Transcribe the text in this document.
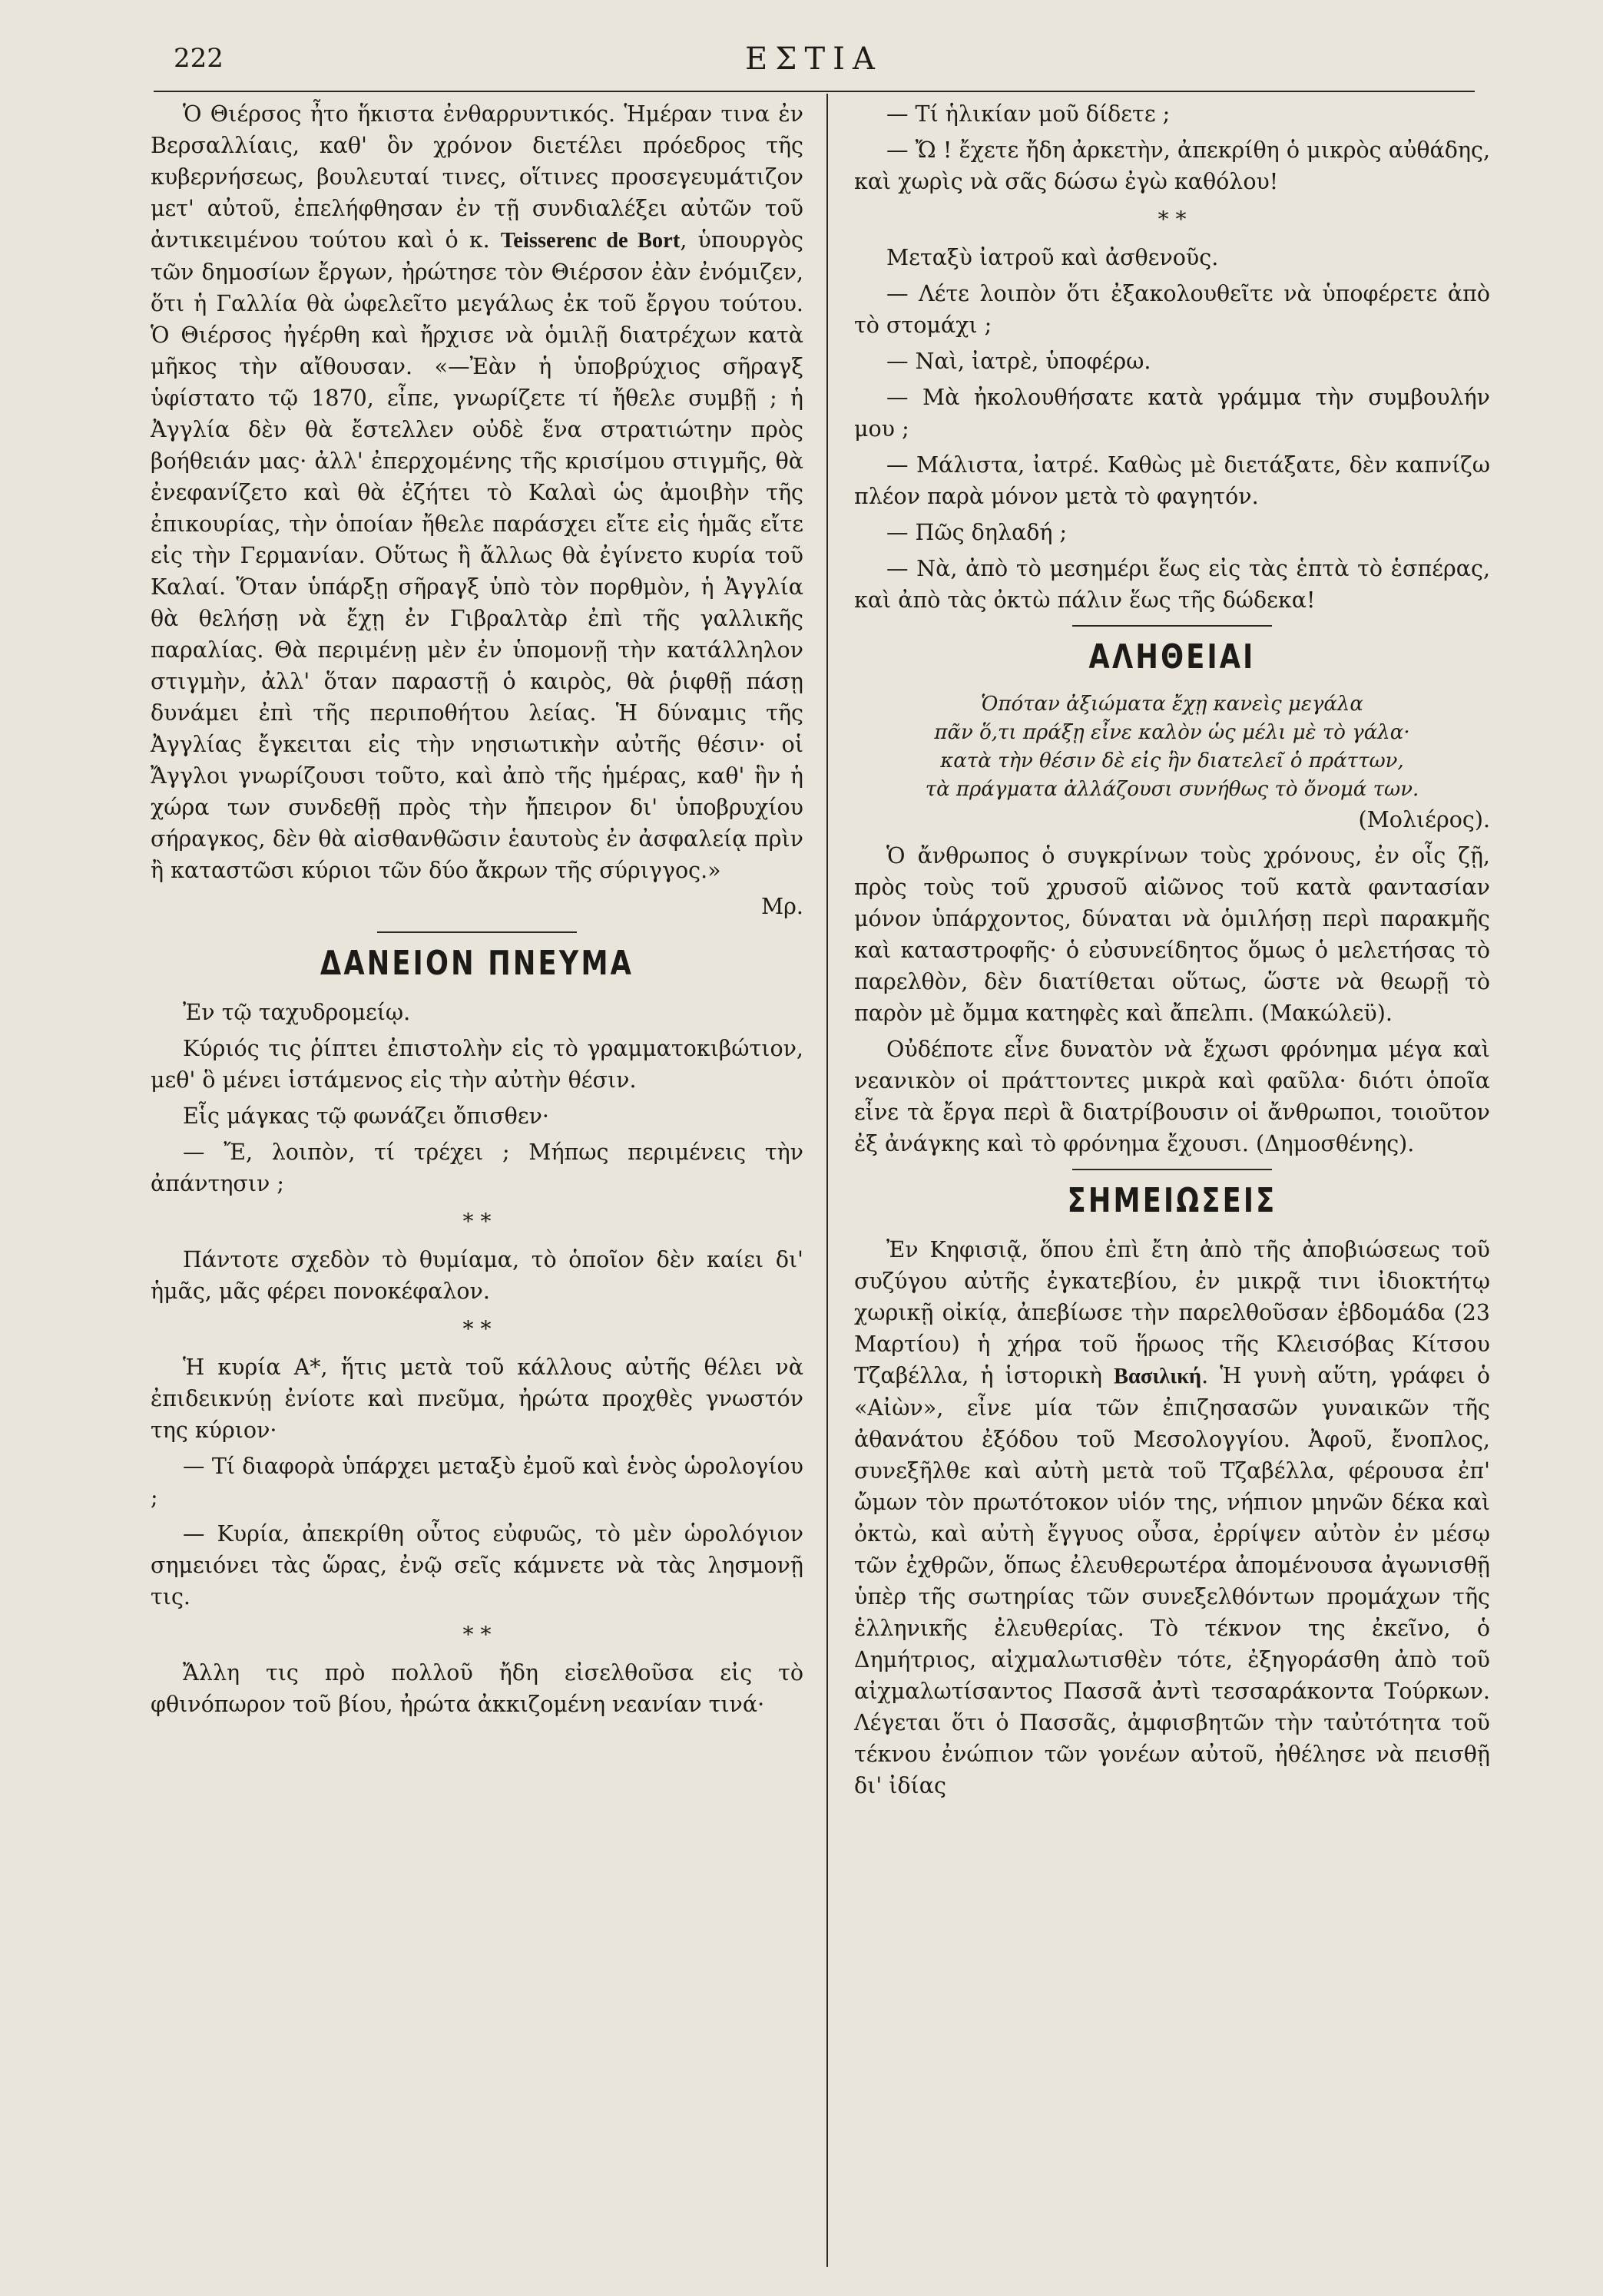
222	ΕΣΤΙΑ

Ὁ Θιέρσος ἦτο ἥκιστα ἐνθαρρυντικός. Ἡμέραν τινα ἐν Βερσαλλίαις, καθ' ὃν χρόνον διετέλει πρόεδρος τῆς κυβερνήσεως, βουλευταί τινες, οἵτινες προσεγευμάτιζον μετ' αὐτοῦ, ἐπελήφθησαν ἐν τῇ συνδιαλέξει αὐτῶν τοῦ ἀντικειμένου τούτου καὶ ὁ κ. Teisserenc de Bort, ὑπουργὸς τῶν δημοσίων ἔργων, ἠρώτησε τὸν Θιέρσον ἐὰν ἐνόμιζεν, ὅτι ἡ Γαλλία θὰ ὠφελεῖτο μεγάλως ἐκ τοῦ ἔργου τούτου. Ὁ Θιέρσος ἠγέρθη καὶ ἤρχισε νὰ ὁμιλῇ διατρέχων κατὰ μῆκος τὴν αἴθουσαν. «—Ἐὰν ἡ ὑποβρύχιος σῆραγξ ὑφίστατο τῷ 1870, εἶπε, γνωρίζετε τί ἤθελε συμβῇ ; ἡ Ἀγγλία δὲν θὰ ἔστελλεν οὐδὲ ἕνα στρατιώτην πρὸς βοήθειάν μας· ἀλλ' ἐπερχομένης τῆς κρισίμου στιγμῆς, θὰ ἐνεφανίζετο καὶ θὰ ἐζήτει τὸ Καλαὶ ὡς ἀμοιβὴν τῆς ἐπικουρίας, τὴν ὁποίαν ἤθελε παράσχει εἴτε εἰς ἡμᾶς εἴτε εἰς τὴν Γερμανίαν. Οὕτως ἢ ἄλλως θὰ ἐγίνετο κυρία τοῦ Καλαί. Ὅταν ὑπάρξῃ σῆραγξ ὑπὸ τὸν πορθμὸν, ἡ Ἀγγλία θὰ θελήσῃ νὰ ἔχῃ ἐν Γιβραλτὰρ ἐπὶ τῆς γαλλικῆς παραλίας. Θὰ περιμένῃ μὲν ἐν ὑπομονῇ τὴν κατάλληλον στιγμὴν, ἀλλ' ὅταν παραστῇ ὁ καιρὸς, θὰ ῥιφθῇ πάσῃ δυνάμει ἐπὶ τῆς περιποθήτου λείας. Ἡ δύναμις τῆς Ἀγγλίας ἔγκειται εἰς τὴν νησιωτικὴν αὐτῆς θέσιν· οἱ Ἄγγλοι γνωρίζουσι τοῦτο, καὶ ἀπὸ τῆς ἡμέρας, καθ' ἣν ἡ χώρα των συνδεθῇ πρὸς τὴν ἤπειρον δι' ὑποβρυχίου σήραγκος, δὲν θὰ αἰσθανθῶσιν ἑαυτοὺς ἐν ἀσφαλείᾳ πρὶν ἢ καταστῶσι κύριοι τῶν δύο ἄκρων τῆς σύριγγος.»

Μρ.

ΔΑΝΕΙΟΝ ΠΝΕΥΜΑ

Ἐν τῷ ταχυδρομείῳ.

Κύριός τις ῥίπτει ἐπιστολὴν εἰς τὸ γραμματοκιβώτιον, μεθ' ὃ μένει ἱστάμενος εἰς τὴν αὐτὴν θέσιν.

Εἷς μάγκας τῷ φωνάζει ὄπισθεν·

— Ἔ, λοιπὸν, τί τρέχει ; Μήπως περιμένεις τὴν ἀπάντησιν ;

* *

Πάντοτε σχεδὸν τὸ θυμίαμα, τὸ ὁποῖον δὲν καίει δι' ἡμᾶς, μᾶς φέρει πονοκέφαλον.

* *

Ἡ κυρία Α*, ἥτις μετὰ τοῦ κάλλους αὐτῆς θέλει νὰ ἐπιδεικνύῃ ἐνίοτε καὶ πνεῦμα, ἠρώτα προχθὲς γνωστόν της κύριον·

— Τί διαφορὰ ὑπάρχει μεταξὺ ἐμοῦ καὶ ἑνὸς ὡρολογίου ;

— Κυρία, ἀπεκρίθη οὗτος εὐφυῶς, τὸ μὲν ὡρολόγιον σημειόνει τὰς ὥρας, ἐνῷ σεῖς κάμνετε νὰ τὰς λησμονῇ τις.

* *

Ἄλλη τις πρὸ πολλοῦ ἤδη εἰσελθοῦσα εἰς τὸ φθινόπωρον τοῦ βίου, ἠρώτα ἀκκιζομένη νεανίαν τινά·

— Τί ἡλικίαν μοῦ δίδετε ;

— Ὤ ! ἔχετε ἤδη ἀρκετὴν, ἀπεκρίθη ὁ μικρὸς αὐθάδης, καὶ χωρὶς νὰ σᾶς δώσω ἐγὼ καθόλου!

* *

Μεταξὺ ἰατροῦ καὶ ἀσθενοῦς.

— Λέτε λοιπὸν ὅτι ἐξακολουθεῖτε νὰ ὑποφέρετε ἀπὸ τὸ στομάχι ;

— Ναὶ, ἰατρὲ, ὑποφέρω.

— Μὰ ἠκολουθήσατε κατὰ γράμμα τὴν συμβουλήν μου ;

— Μάλιστα, ἰατρέ. Καθὼς μὲ διετάξατε, δὲν καπνίζω πλέον παρὰ μόνον μετὰ τὸ φαγητόν.

— Πῶς δηλαδή ;

— Νὰ, ἀπὸ τὸ μεσημέρι ἕως εἰς τὰς ἑπτὰ τὸ ἑσπέρας, καὶ ἀπὸ τὰς ὀκτὼ πάλιν ἕως τῆς δώδεκα!

ΑΛΗΘΕΙΑΙ

Ὁπόταν ἀξιώματα ἔχῃ κανεὶς μεγάλα

πᾶν ὅ,τι πράξῃ εἶνε καλὸν ὡς μέλι μὲ τὸ γάλα·

κατὰ τὴν θέσιν δὲ εἰς ἣν διατελεῖ ὁ πράττων,

τὰ πράγματα ἀλλάζουσι συνήθως τὸ ὄνομά των.

(Μολιέρος).

Ὁ ἄνθρωπος ὁ συγκρίνων τοὺς χρόνους, ἐν οἷς ζῇ, πρὸς τοὺς τοῦ χρυσοῦ αἰῶνος τοῦ κατὰ φαντασίαν μόνον ὑπάρχοντος, δύναται νὰ ὁμιλήσῃ περὶ παρακμῆς καὶ καταστροφῆς· ὁ εὐσυνείδητος ὅμως ὁ μελετήσας τὸ παρελθὸν, δὲν διατίθεται οὕτως, ὥστε νὰ θεωρῇ τὸ παρὸν μὲ ὄμμα κατηφὲς καὶ ἄπελπι. (Μακώλεϋ).

Οὐδέποτε εἶνε δυνατὸν νὰ ἔχωσι φρόνημα μέγα καὶ νεανικὸν οἱ πράττοντες μικρὰ καὶ φαῦλα· διότι ὁποῖα εἶνε τὰ ἔργα περὶ ἃ διατρίβουσιν οἱ ἄνθρωποι, τοιοῦτον ἐξ ἀνάγκης καὶ τὸ φρόνημα ἔχουσι. (Δημοσθένης).

ΣΗΜΕΙΩΣΕΙΣ

Ἐν Κηφισιᾷ, ὅπου ἐπὶ ἔτη ἀπὸ τῆς ἀποβιώσεως τοῦ συζύγου αὐτῆς ἐγκατεβίου, ἐν μικρᾷ τινι ἰδιοκτήτῳ χωρικῇ οἰκίᾳ, ἀπεβίωσε τὴν παρελθοῦσαν ἑβδομάδα (23 Μαρτίου) ἡ χήρα τοῦ ἥρωος τῆς Κλεισόβας Κίτσου Τζαβέλλα, ἡ ἱστορικὴ Βασιλική. Ἡ γυνὴ αὕτη, γράφει ὁ «Αἰὼν», εἶνε μία τῶν ἐπιζησασῶν γυναικῶν τῆς ἀθανάτου ἐξόδου τοῦ Μεσολογγίου. Ἀφοῦ, ἔνοπλος, συνεξῆλθε καὶ αὐτὴ μετὰ τοῦ Τζαβέλλα, φέρουσα ἐπ' ὤμων τὸν πρωτότοκον υἱόν της, νήπιον μηνῶν δέκα καὶ ὀκτὼ, καὶ αὐτὴ ἔγγυος οὖσα, ἐρρίψεν αὐτὸν ἐν μέσῳ τῶν ἐχθρῶν, ὅπως ἐλευθερωτέρα ἀπομένουσα ἀγωνισθῇ ὑπὲρ τῆς σωτηρίας τῶν συνεξελθόντων προμάχων τῆς ἑλληνικῆς ἐλευθερίας. Τὸ τέκνον της ἐκεῖνο, ὁ Δημήτριος, αἰχμαλωτισθὲν τότε, ἐξηγοράσθη ἀπὸ τοῦ αἰχμαλωτίσαντος Πασσᾶ ἀντὶ τεσσαράκοντα Τούρκων. Λέγεται ὅτι ὁ Πασσᾶς, ἀμφισβητῶν τὴν ταὐτότητα τοῦ τέκνου ἐνώπιον τῶν γονέων αὐτοῦ, ἠθέλησε νὰ πεισθῇ δι' ἰδίας
